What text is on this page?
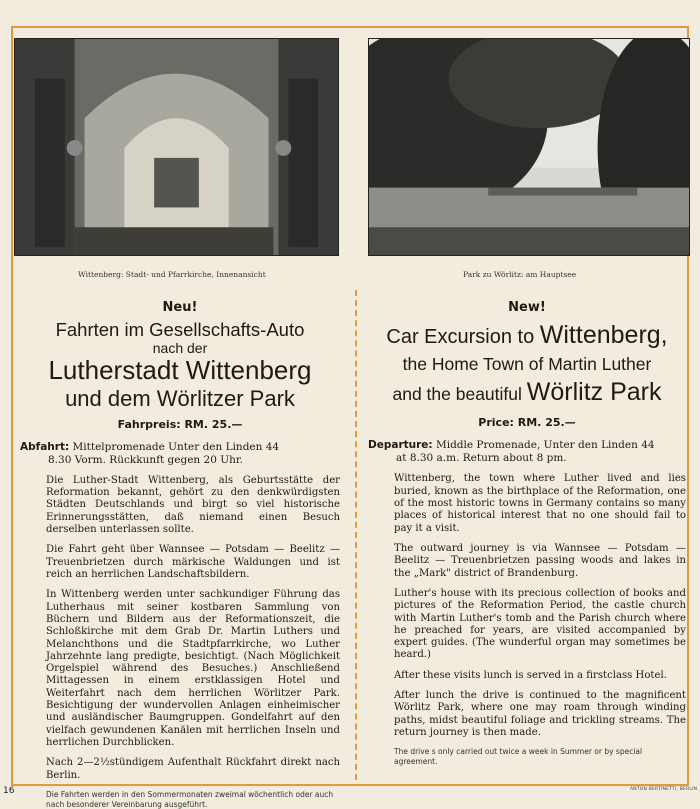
Wittenberg: Stadt- und Pfarrkirche, Innenansicht	Park zu Wörlitz: am Hauptsee
Neu!
Fahrten im Gesellschafts-Auto
nach der
Lutherstadt Wittenberg
und dem Wörlitzer Park
Fahrpreis: RM. 25.—
Abfahrt: Mittelpromenade Unter den Linden 44
8.30 Vorm. Rückkunft gegen 20 Uhr.

Die Luther-Stadt Wittenberg, als Geburtsstätte der Reformation bekannt, gehört zu den denkwürdigsten Städten Deutschlands und birgt so viel historische Erinnerungsstätten, daß niemand einen Besuch derselben unterlassen sollte.

Die Fahrt geht über Wannsee — Potsdam — Beelitz — Treuenbrietzen durch märkische Waldungen und ist reich an herrlichen Landschaftsbildern.

In Wittenberg werden unter sachkundiger Führung das Lutherhaus mit seiner kostbaren Sammlung von Büchern und Bildern aus der Reformationszeit, die Schloßkirche mit dem Grab Dr. Martin Luthers und Melanchthons und die Stadtpfarrkirche, wo Luther Jahrzehnte lang predigte, besichtigt. (Nach Möglichkeit Orgelspiel während des Besuches.) Anschließend Mittagessen in einem erstklassigen Hotel und Weiterfahrt nach dem herrlichen Wörlitzer Park. Besichtigung der wundervollen Anlagen einheimischer und ausländischer Baumgruppen. Gondelfahrt auf den vielfach gewundenen Kanälen mit herrlichen Inseln und herrlichen Durchblicken.

Nach 2—2½stündigem Aufenthalt Rückfahrt direkt nach Berlin.

Die Fahrten werden in den Sommermonaten zweimal wöchentlich oder auch nach besonderer Vereinbarung ausgeführt.
New!
Car Excursion to Wittenberg,
the Home Town of Martin Luther
and the beautiful Wörlitz Park
Price: RM. 25.—
Departure: Middle Promenade, Unter den Linden 44
at 8.30 a.m. Return about 8 pm.

Wittenberg, the town where Luther lived and lies buried, known as the birthplace of the Reformation, one of the most historic towns in Germany contains so many places of historical interest that no one should fail to pay it a visit.

The outward journey is via Wannsee — Potsdam — Beelitz — Treuenbrietzen passing woods and lakes in the „Mark" district of Brandenburg.

Luther's house with its precious collection of books and pictures of the Reformation Period, the castle church with Martin Luther's tomb and the Parish church where he preached for years, are visited accompanied by expert guides. (The wunderful organ may sometimes be heard.)

After these visits lunch is served in a firstclass Hotel.

After lunch the drive is continued to the magnificent Wörlitz Park, where one may roam through winding paths, midst beautiful foliage and trickling streams. The return journey is then made.

The drive s only carried out twice a week in Summer or by special agreement.
16	ANTON BERTINETTI, BERLIN
